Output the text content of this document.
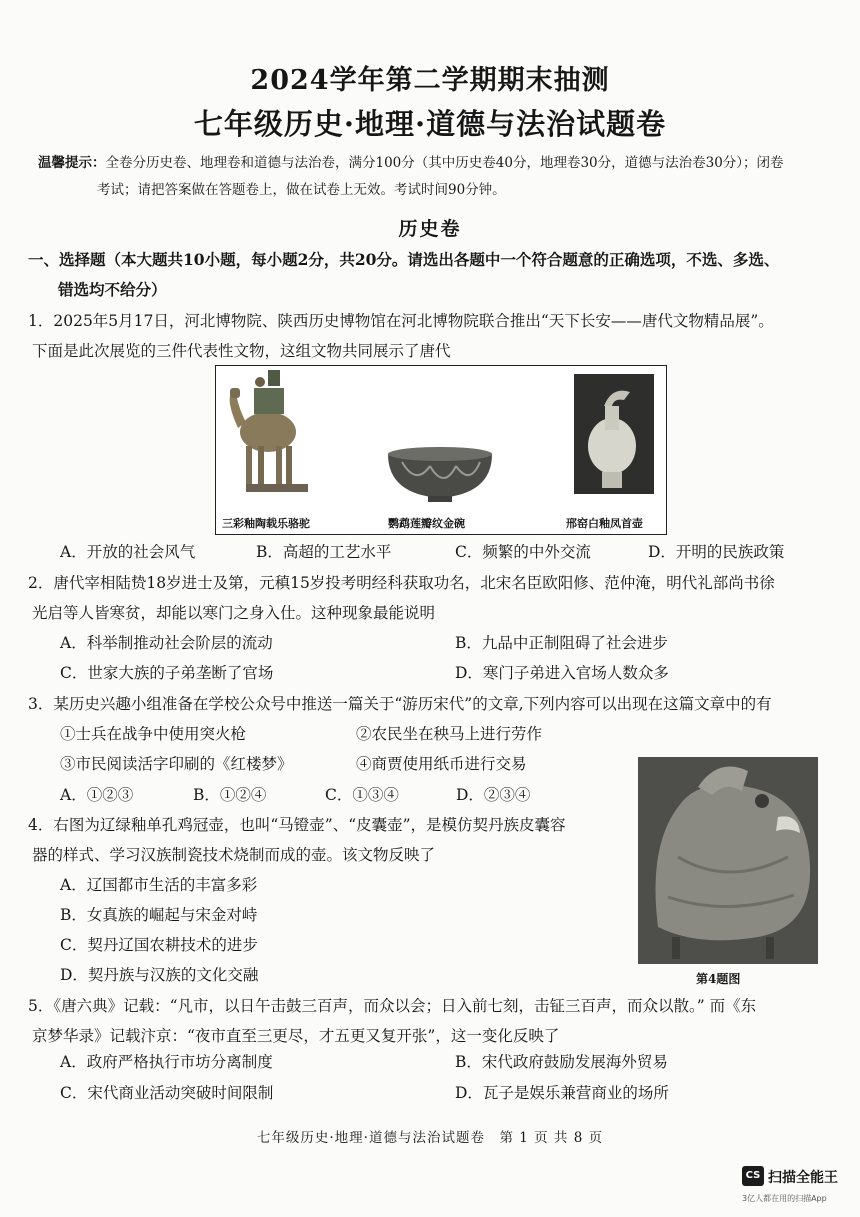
2024学年第二学期期末抽测
七年级历史·地理·道德与法治试题卷
温馨提示：全卷分历史卷、地理卷和道德与法治卷，满分100分（其中历史卷40分，地理卷30分，道德与法治卷30分）；闭卷
考试；请把答案做在答题卷上，做在试卷上无效。考试时间90分钟。
历史卷
一、选择题（本大题共10小题，每小题2分，共20分。请选出各题中一个符合题意的正确选项，不选、多选、
错选均不给分）
1．2025年5月17日，河北博物院、陕西历史博物馆在河北博物院联合推出“天下长安——唐代文物精品展”。
下面是此次展览的三件代表性文物，这组文物共同展示了唐代
三彩釉陶载乐骆驼	鹦鹉莲瓣纹金碗	邢窑白釉凤首壶
A．开放的社会风气	B．高超的工艺水平	C．频繁的中外交流	D．开明的民族政策
2．唐代宰相陆贽18岁进士及第，元稹15岁投考明经科获取功名，北宋名臣欧阳修、范仲淹，明代礼部尚书徐
光启等人皆寒贫，却能以寒门之身入仕。这种现象最能说明
A．科举制推动社会阶层的流动	B．九品中正制阻碍了社会进步
C．世家大族的子弟垄断了官场	D．寒门子弟进入官场人数众多
3．某历史兴趣小组准备在学校公众号中推送一篇关于“游历宋代”的文章,下列内容可以出现在这篇文章中的有
①士兵在战争中使用突火枪	②农民坐在秧马上进行劳作
③市民阅读活字印刷的《红楼梦》	④商贾使用纸币进行交易
A．①②③	B．①②④	C．①③④	D．②③④
4．右图为辽绿釉单孔鸡冠壶，也叫“马镫壶”、“皮囊壶”，是模仿契丹族皮囊容
器的样式、学习汉族制瓷技术烧制而成的壶。该文物反映了
A．辽国都市生活的丰富多彩
B．女真族的崛起与宋金对峙
C．契丹辽国农耕技术的进步
D．契丹族与汉族的文化交融	第4题图
5．《唐六典》记载：“凡市，以日午击鼓三百声，而众以会；日入前七刻，击钲三百声，而众以散。” 而《东
京梦华录》记载汴京：“夜市直至三更尽，才五更又复开张”，这一变化反映了
A．政府严格执行市坊分离制度	B．宋代政府鼓励发展海外贸易
C．宋代商业活动突破时间限制	D．瓦子是娱乐兼营商业的场所
七年级历史·地理·道德与法治试题卷　第 1 页 共 8 页
CS 扫描全能王
3亿人都在用的扫描App
